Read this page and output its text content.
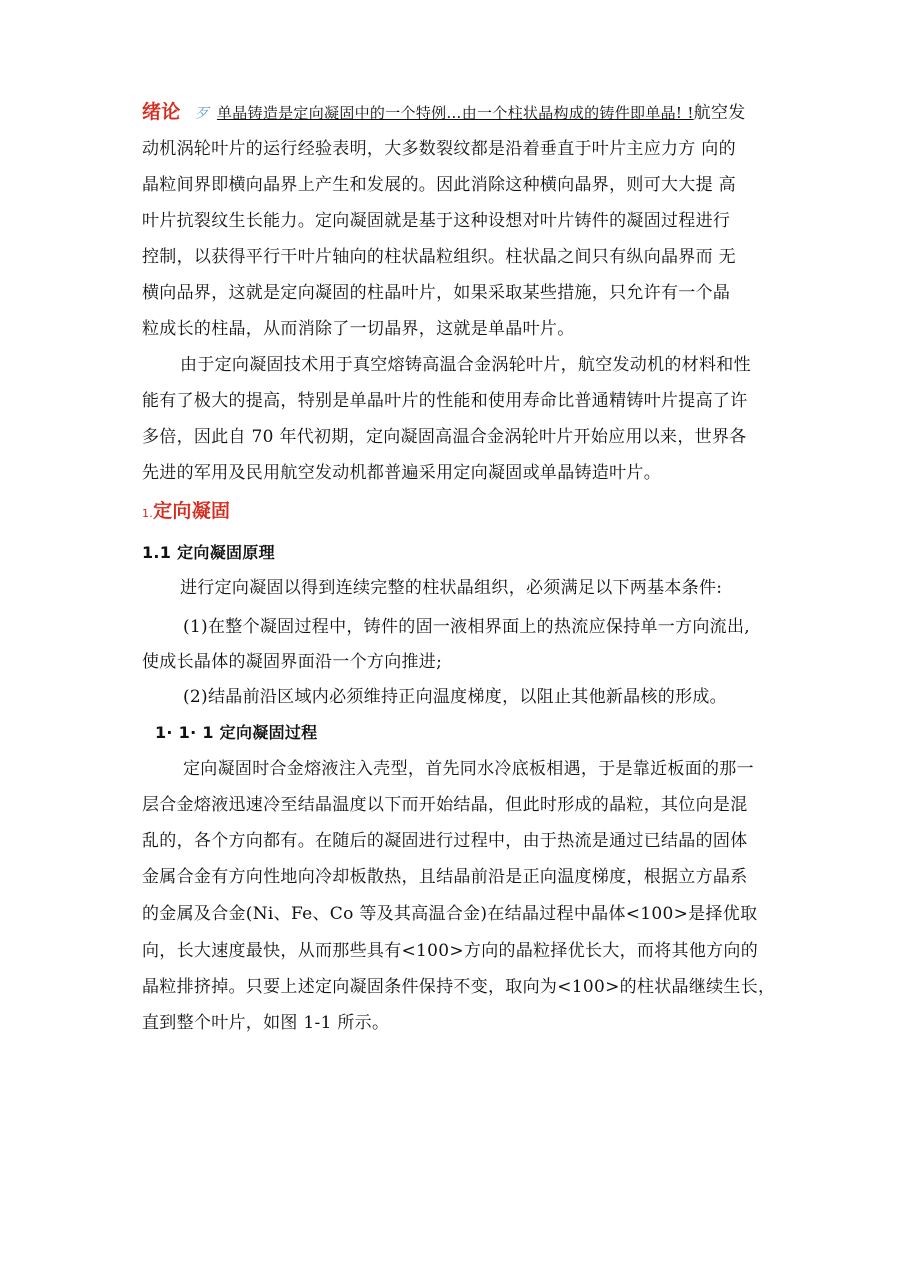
绪论 歹 单晶铸造是定向凝固中的一个特例…由一个柱状晶构成的铸件即单晶! !航空发
动机涡轮叶片的运行经验表明，大多数裂纹都是沿着垂直于叶片主应力方 向的
晶粒间界即横向晶界上产生和发展的。因此消除这种横向晶界，则可大大提 高
叶片抗裂纹生长能力。定向凝固就是基于这种设想对叶片铸件的凝固过程进行
控制，以获得平行干叶片轴向的柱状晶粒组织。柱状晶之间只有纵向晶界而 无
横向品界，这就是定向凝固的柱晶叶片，如果采取某些措施，只允许有一个晶
粒成长的柱晶，从而消除了一切晶界，这就是单晶叶片。
由于定向凝固技术用于真空熔铸高温合金涡轮叶片，航空发动机的材料和性
能有了极大的提高，特别是单晶叶片的性能和使用寿命比普通精铸叶片提高了许
多倍，因此自 70 年代初期，定向凝固高温合金涡轮叶片开始应用以来，世界各
先进的军用及民用航空发动机都普遍采用定向凝固或单晶铸造叶片。
1.定向凝固
1.1 定向凝固原理
进行定向凝固以得到连续完整的柱状晶组织，必须满足以下两基本条件:
(1)在整个凝固过程中，铸件的固一液相界面上的热流应保持单一方向流出,
使成长晶体的凝固界面沿一个方向推进;
(2)结晶前沿区域内必须维持正向温度梯度，以阻止其他新晶核的形成。
1· 1· 1 定向凝固过程
定向凝固时合金熔液注入壳型，首先同水冷底板相遇，于是靠近板面的那一
层合金熔液迅速冷至结晶温度以下而开始结晶，但此时形成的晶粒，其位向是混
乱的，各个方向都有。在随后的凝固进行过程中，由于热流是通过已结晶的固体
金属合金有方向性地向冷却板散热，且结晶前沿是正向温度梯度，根据立方晶系
的金属及合金(Ni、Fe、Co 等及其高温合金)在结晶过程中晶体<100>是择优取
向，长大速度最快，从而那些具有<100>方向的晶粒择优长大，而将其他方向的
晶粒排挤掉。只要上述定向凝固条件保持不变，取向为<100>的柱状晶继续生长，
直到整个叶片，如图 1-1 所示。
